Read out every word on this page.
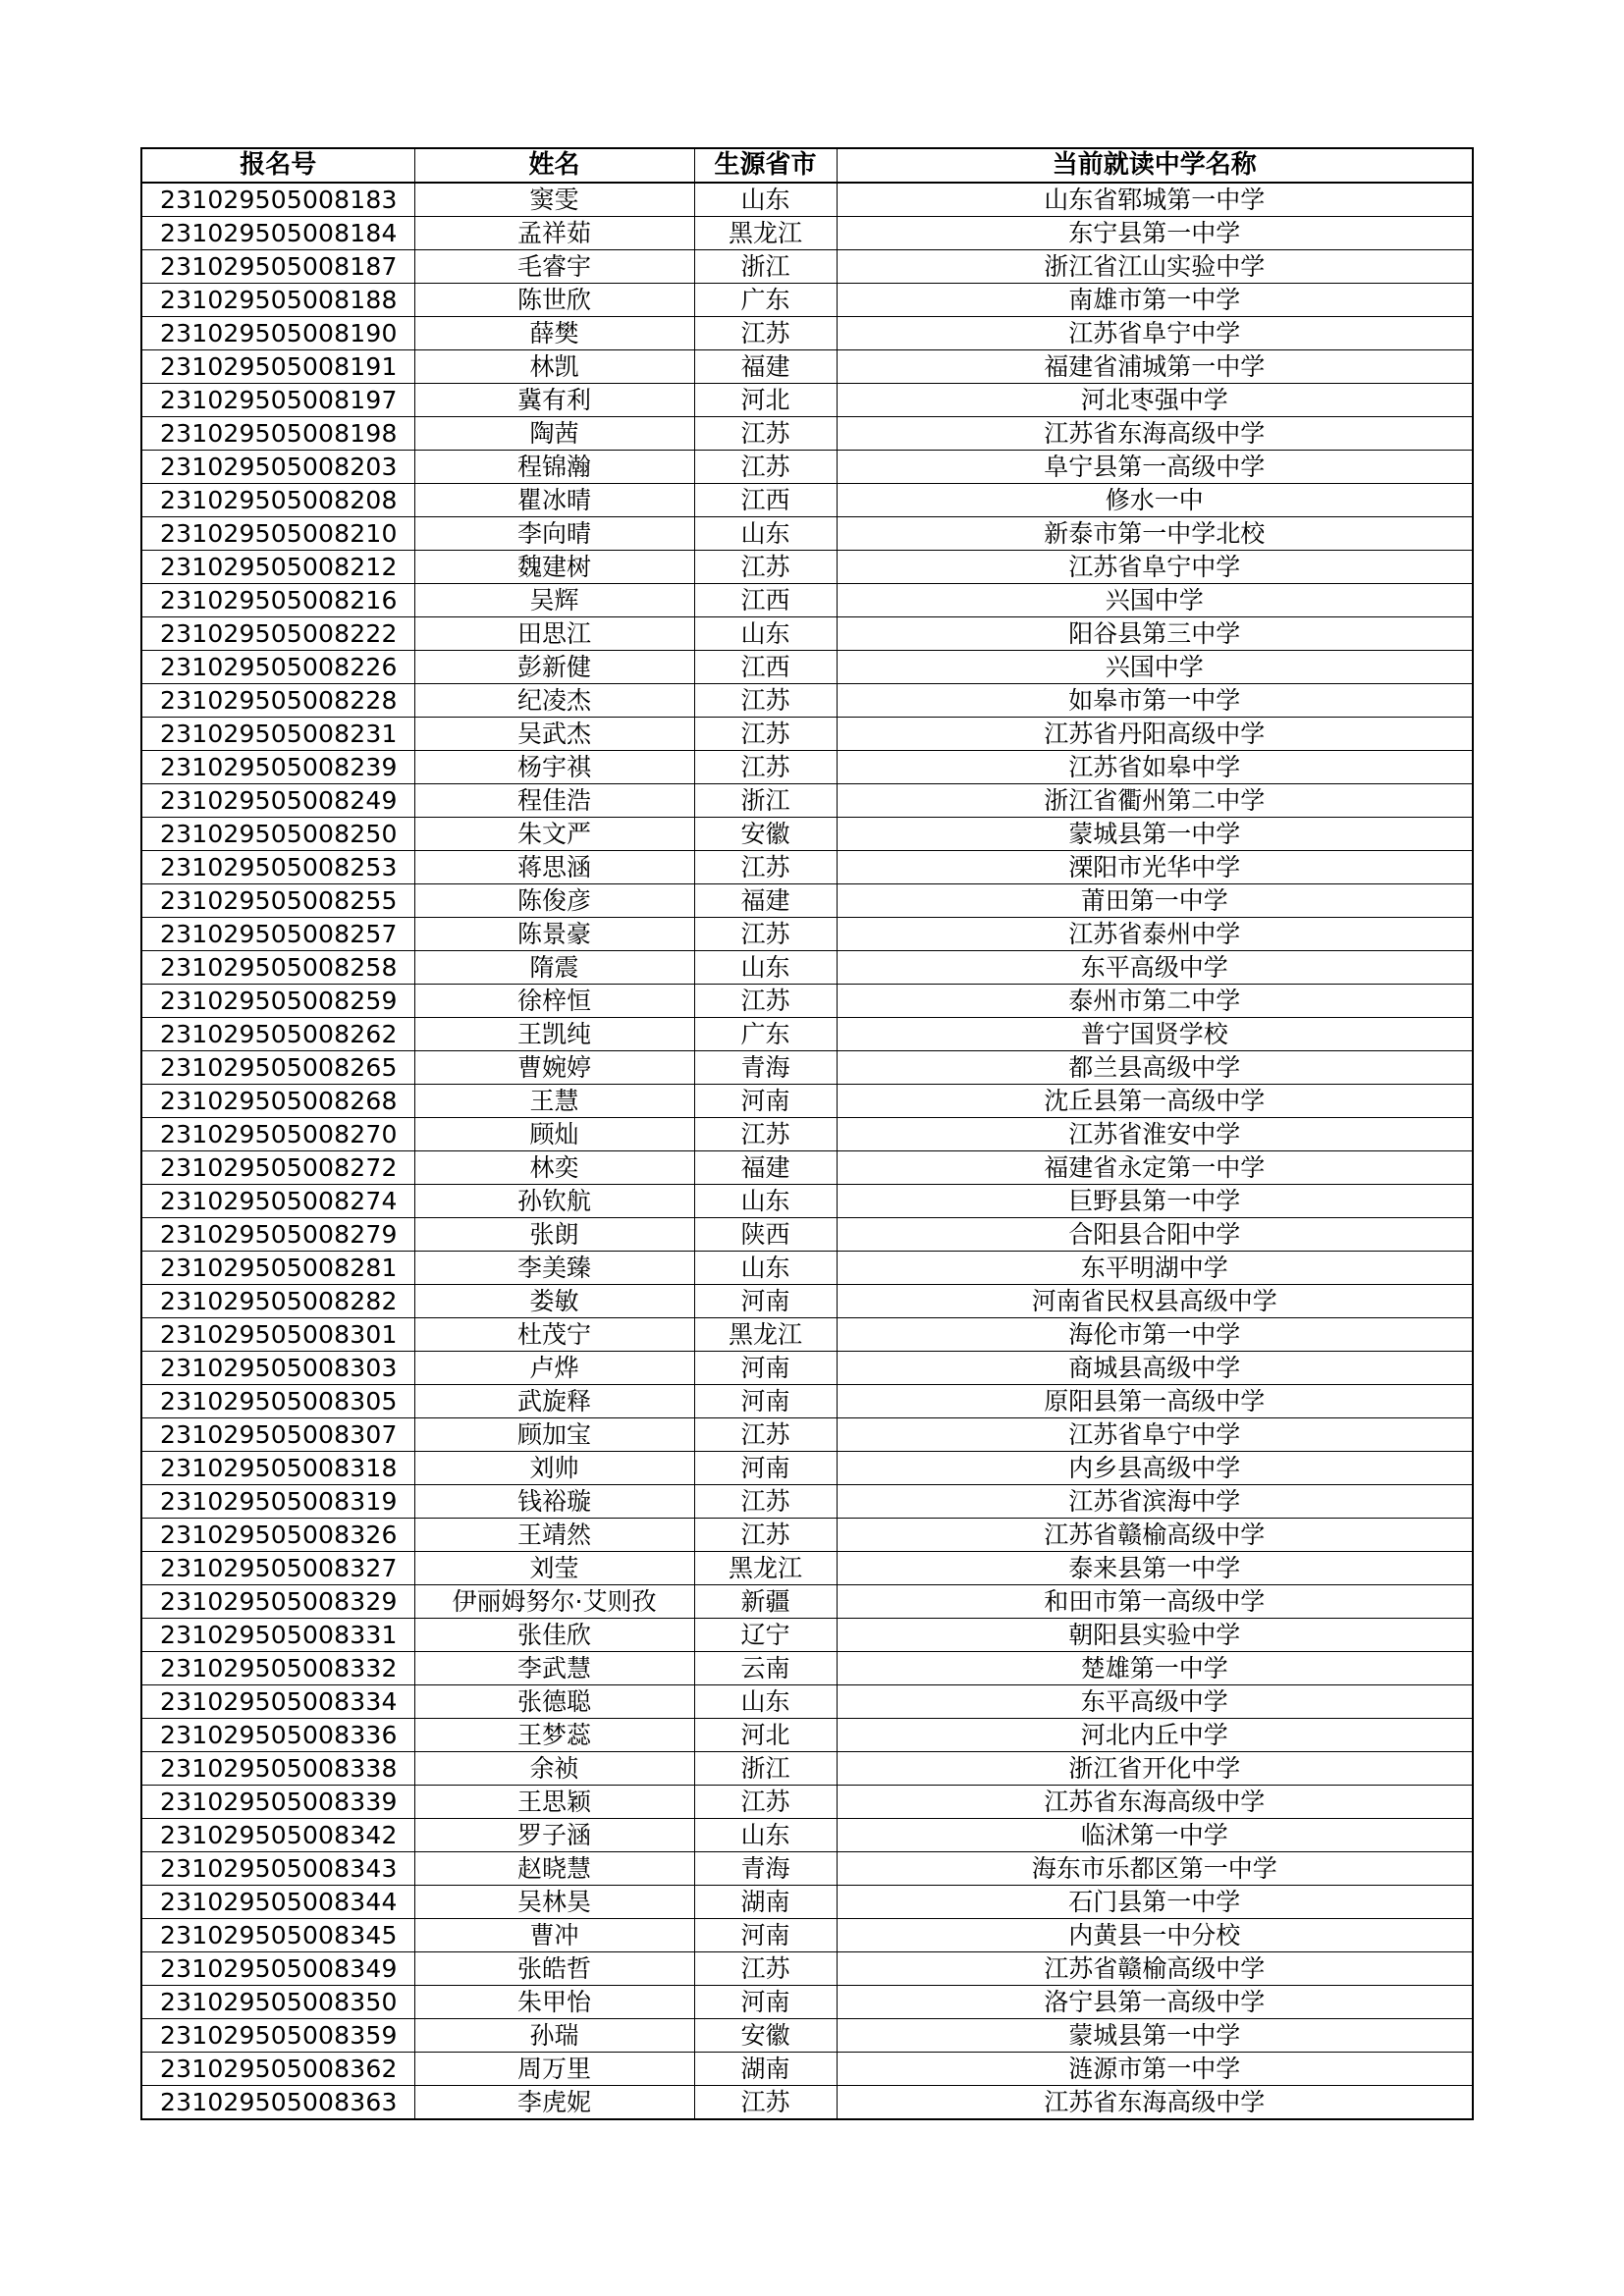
报名号	姓名	生源省市	当前就读中学名称
231029505008183	窦雯	山东	山东省郓城第一中学
231029505008184	孟祥茹	黑龙江	东宁县第一中学
231029505008187	毛睿宇	浙江	浙江省江山实验中学
231029505008188	陈世欣	广东	南雄市第一中学
231029505008190	薛樊	江苏	江苏省阜宁中学
231029505008191	林凯	福建	福建省浦城第一中学
231029505008197	冀有利	河北	河北枣强中学
231029505008198	陶茜	江苏	江苏省东海高级中学
231029505008203	程锦瀚	江苏	阜宁县第一高级中学
231029505008208	瞿冰晴	江西	修水一中
231029505008210	李向晴	山东	新泰市第一中学北校
231029505008212	魏建树	江苏	江苏省阜宁中学
231029505008216	吴辉	江西	兴国中学
231029505008222	田思江	山东	阳谷县第三中学
231029505008226	彭新健	江西	兴国中学
231029505008228	纪凌杰	江苏	如皋市第一中学
231029505008231	吴武杰	江苏	江苏省丹阳高级中学
231029505008239	杨宇祺	江苏	江苏省如皋中学
231029505008249	程佳浩	浙江	浙江省衢州第二中学
231029505008250	朱文严	安徽	蒙城县第一中学
231029505008253	蒋思涵	江苏	溧阳市光华中学
231029505008255	陈俊彦	福建	莆田第一中学
231029505008257	陈景豪	江苏	江苏省泰州中学
231029505008258	隋震	山东	东平高级中学
231029505008259	徐梓恒	江苏	泰州市第二中学
231029505008262	王凯纯	广东	普宁国贤学校
231029505008265	曹婉婷	青海	都兰县高级中学
231029505008268	王慧	河南	沈丘县第一高级中学
231029505008270	顾灿	江苏	江苏省淮安中学
231029505008272	林奕	福建	福建省永定第一中学
231029505008274	孙钦航	山东	巨野县第一中学
231029505008279	张朗	陕西	合阳县合阳中学
231029505008281	李美臻	山东	东平明湖中学
231029505008282	娄敏	河南	河南省民权县高级中学
231029505008301	杜茂宁	黑龙江	海伦市第一中学
231029505008303	卢烨	河南	商城县高级中学
231029505008305	武旋释	河南	原阳县第一高级中学
231029505008307	顾加宝	江苏	江苏省阜宁中学
231029505008318	刘帅	河南	内乡县高级中学
231029505008319	钱裕璇	江苏	江苏省滨海中学
231029505008326	王靖然	江苏	江苏省赣榆高级中学
231029505008327	刘莹	黑龙江	泰来县第一中学
231029505008329	伊丽姆努尔·艾则孜	新疆	和田市第一高级中学
231029505008331	张佳欣	辽宁	朝阳县实验中学
231029505008332	李武慧	云南	楚雄第一中学
231029505008334	张德聪	山东	东平高级中学
231029505008336	王梦蕊	河北	河北内丘中学
231029505008338	余祯	浙江	浙江省开化中学
231029505008339	王思颖	江苏	江苏省东海高级中学
231029505008342	罗子涵	山东	临沭第一中学
231029505008343	赵晓慧	青海	海东市乐都区第一中学
231029505008344	吴林昊	湖南	石门县第一中学
231029505008345	曹冲	河南	内黄县一中分校
231029505008349	张皓哲	江苏	江苏省赣榆高级中学
231029505008350	朱甲怡	河南	洛宁县第一高级中学
231029505008359	孙瑞	安徽	蒙城县第一中学
231029505008362	周万里	湖南	涟源市第一中学
231029505008363	李虎妮	江苏	江苏省东海高级中学
